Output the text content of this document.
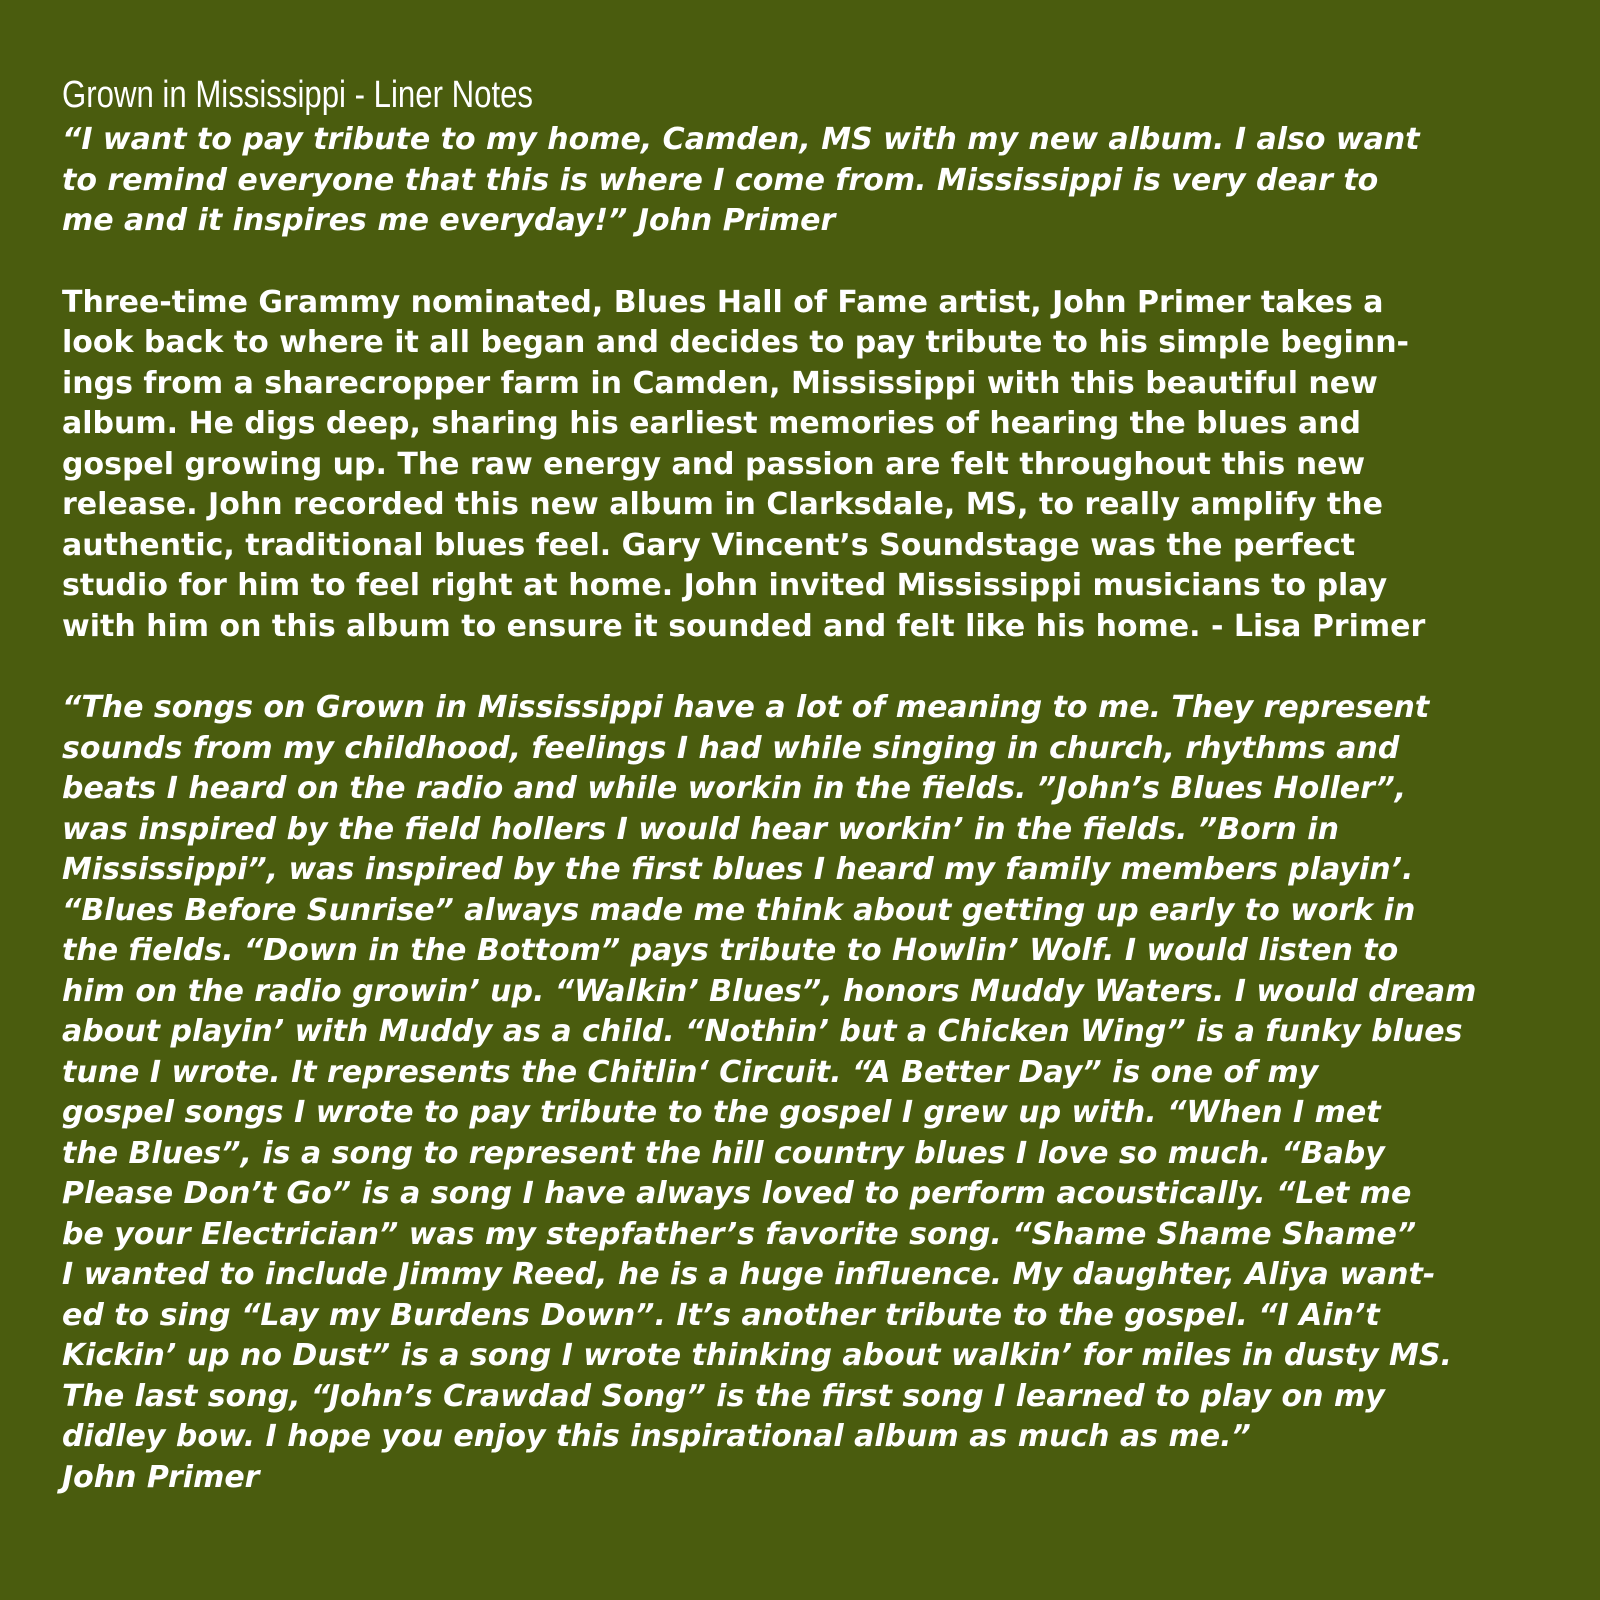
Grown in Mississippi - Liner Notes
“I want to pay tribute to my home, Camden, MS with my new album. I also want
to remind everyone that this is where I come from. Mississippi is very dear to
me and it inspires me everyday!” John Primer
Three-time Grammy nominated, Blues Hall of Fame artist, John Primer takes a
look back to where it all began and decides to pay tribute to his simple beginn-
ings from a sharecropper farm in Camden, Mississippi with this beautiful new
album. He digs deep, sharing his earliest memories of hearing the blues and
gospel growing up. The raw energy and passion are felt throughout this new
release. John recorded this new album in Clarksdale, MS, to really amplify the
authentic, traditional blues feel. Gary Vincent’s Soundstage was the perfect
studio for him to feel right at home. John invited Mississippi musicians to play
with him on this album to ensure it sounded and felt like his home. - Lisa Primer
“The songs on Grown in Mississippi have a lot of meaning to me. They represent
sounds from my childhood, feelings I had while singing in church, rhythms and
beats I heard on the radio and while workin in the fields. ”John’s Blues Holler”,
was inspired by the field hollers I would hear workin’ in the fields. ”Born in
Mississippi”, was inspired by the first blues I heard my family members playin’.
“Blues Before Sunrise” always made me think about getting up early to work in
the fields. “Down in the Bottom” pays tribute to Howlin’ Wolf. I would listen to
him on the radio growin’ up. “Walkin’ Blues”, honors Muddy Waters. I would dream
about playin’ with Muddy as a child. “Nothin’ but a Chicken Wing” is a funky blues
tune I wrote. It represents the Chitlin‘ Circuit. “A Better Day” is one of my
gospel songs I wrote to pay tribute to the gospel I grew up with. “When I met
the Blues”, is a song to represent the hill country blues I love so much. “Baby
Please Don’t Go” is a song I have always loved to perform acoustically. “Let me
be your Electrician” was my stepfather’s favorite song. “Shame Shame Shame”
I wanted to include Jimmy Reed, he is a huge influence. My daughter, Aliya want-
ed to sing “Lay my Burdens Down”. It’s another tribute to the gospel. “I Ain’t
Kickin’ up no Dust” is a song I wrote thinking about walkin’ for miles in dusty MS.
The last song, “John’s Crawdad Song” is the first song I learned to play on my
didley bow. I hope you enjoy this inspirational album as much as me.”
John Primer
